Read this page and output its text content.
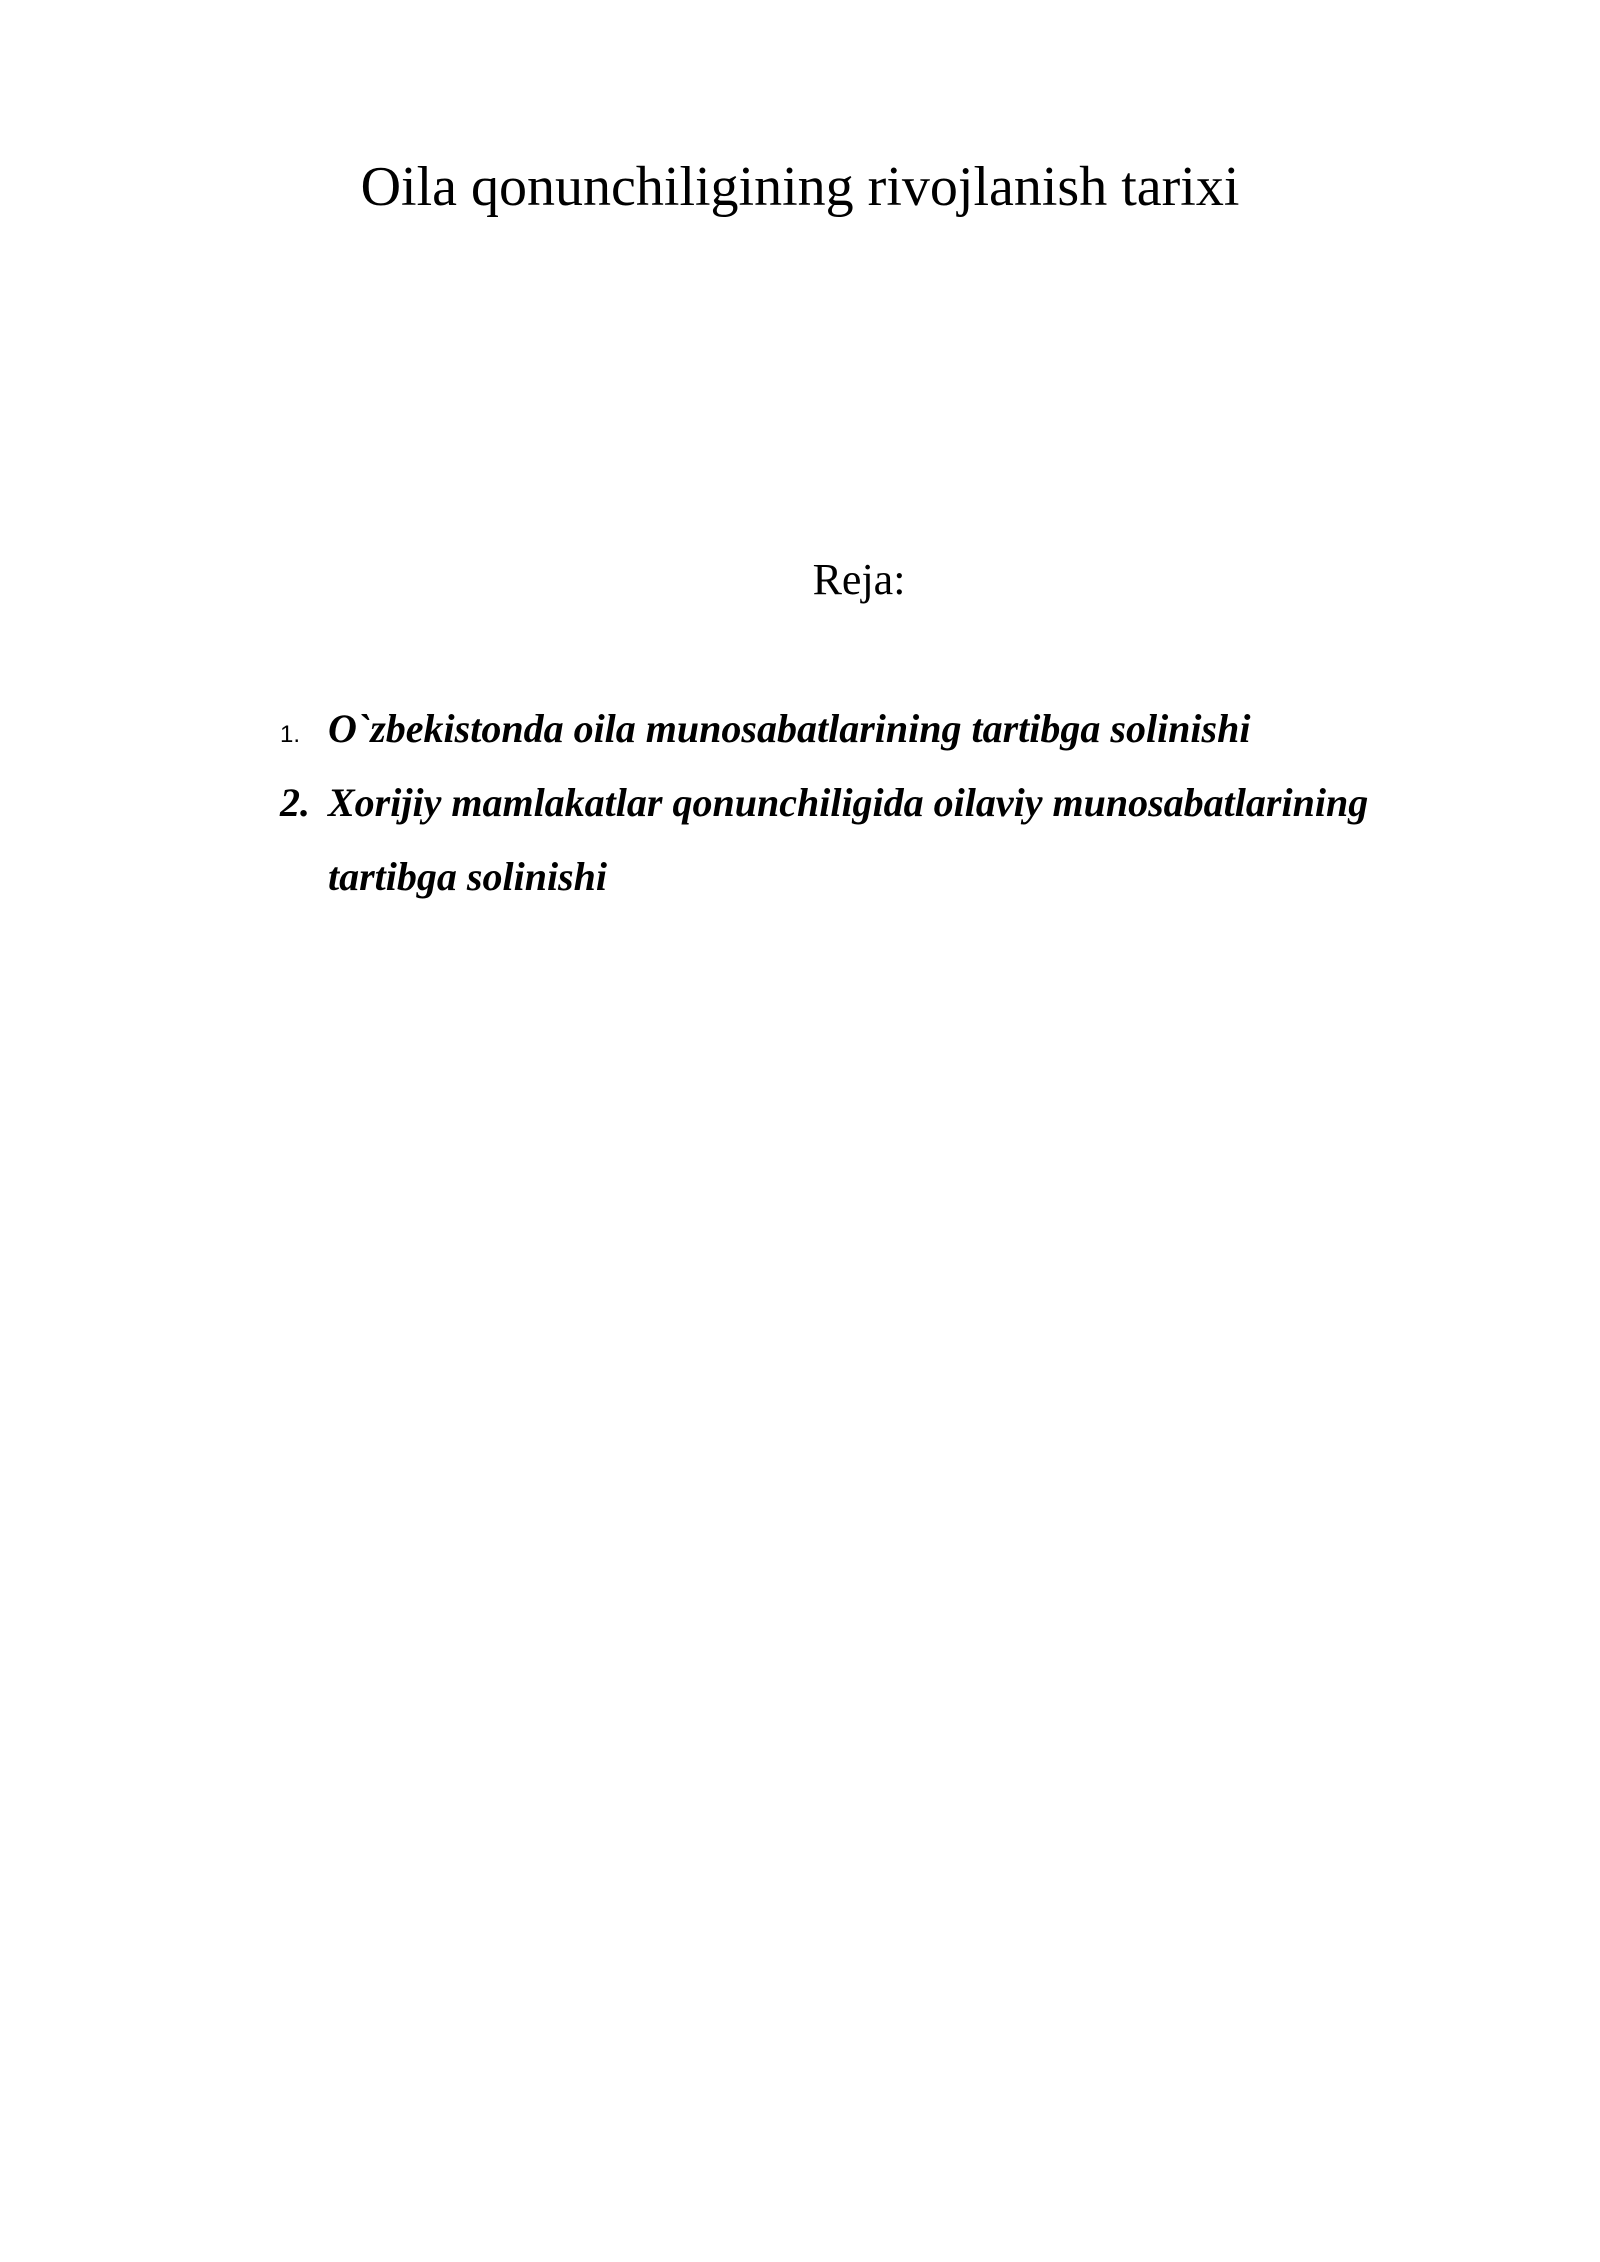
Oila qonunchiligining rivojlanish tarixi

Reja:

1. O`zbekistonda oila munosabatlarining tartibga solinishi
2. Xorijiy mamlakatlar qonunchiligida oilaviy munosabatlarining tartibga solinishi
